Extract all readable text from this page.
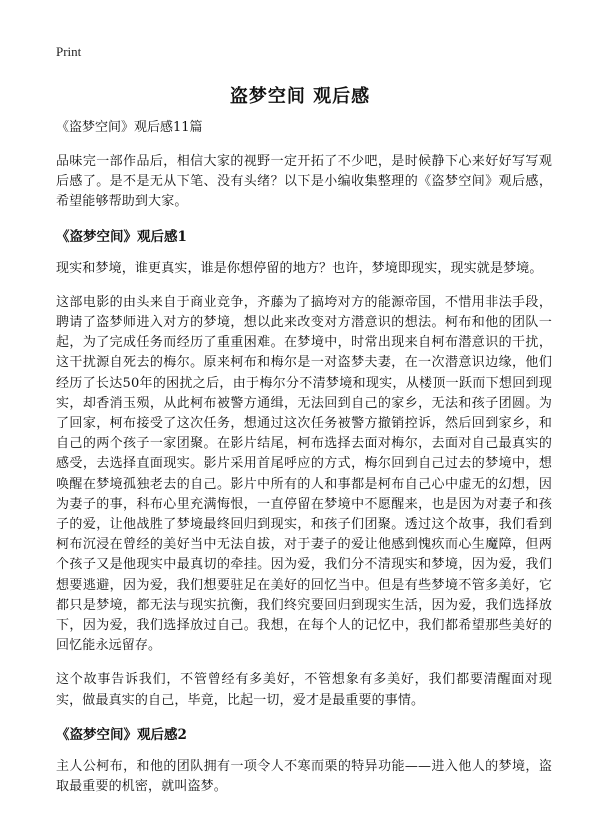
Print
盗梦空间 观后感

《盗梦空间》观后感11篇

品味完一部作品后，相信大家的视野一定开拓了不少吧，是时候静下心来好好写写观后感了。是不是无从下笔、没有头绪？以下是小编收集整理的《盗梦空间》观后感，希望能够帮助到大家。

《盗梦空间》观后感1

现实和梦境，谁更真实，谁是你想停留的地方？也许，梦境即现实，现实就是梦境。

这部电影的由头来自于商业竞争，齐藤为了搞垮对方的能源帝国，不惜用非法手段，聘请了盗梦师进入对方的梦境，想以此来改变对方潜意识的想法。柯布和他的团队一起，为了完成任务而经历了重重困难。在梦境中，时常出现来自柯布潜意识的干扰，这干扰源自死去的梅尔。原来柯布和梅尔是一对盗梦夫妻，在一次潜意识边缘，他们经历了长达50年的困扰之后，由于梅尔分不清梦境和现实，从楼顶一跃而下想回到现实，却香消玉殒，从此柯布被警方通缉，无法回到自己的家乡，无法和孩子团圆。为了回家，柯布接受了这次任务，想通过这次任务被警方撤销控诉，然后回到家乡，和自己的两个孩子一家团聚。在影片结尾，柯布选择去面对梅尔，去面对自己最真实的感受，去选择直面现实。影片采用首尾呼应的方式，梅尔回到自己过去的梦境中，想唤醒在梦境孤独老去的自己。影片中所有的人和事都是柯布自己心中虚无的幻想，因为妻子的事，科布心里充满悔恨，一直停留在梦境中不愿醒来，也是因为对妻子和孩子的爱，让他战胜了梦境最终回归到现实，和孩子们团聚。透过这个故事，我们看到柯布沉浸在曾经的美好当中无法自拔，对于妻子的爱让他感到愧疚而心生魔障，但两个孩子又是他现实中最真切的牵挂。因为爱，我们分不清现实和梦境，因为爱，我们想要逃避，因为爱，我们想要驻足在美好的回忆当中。但是有些梦境不管多美好，它都只是梦境，都无法与现实抗衡，我们终究要回归到现实生活，因为爱，我们选择放下，因为爱，我们选择放过自己。我想，在每个人的记忆中，我们都希望那些美好的回忆能永远留存。

这个故事告诉我们，不管曾经有多美好，不管想象有多美好，我们都要清醒面对现实，做最真实的自己，毕竟，比起一切，爱才是最重要的事情。

《盗梦空间》观后感2

主人公柯布，和他的团队拥有一项令人不寒而栗的特异功能——进入他人的梦境，盗取最重要的机密，就叫盗梦。
